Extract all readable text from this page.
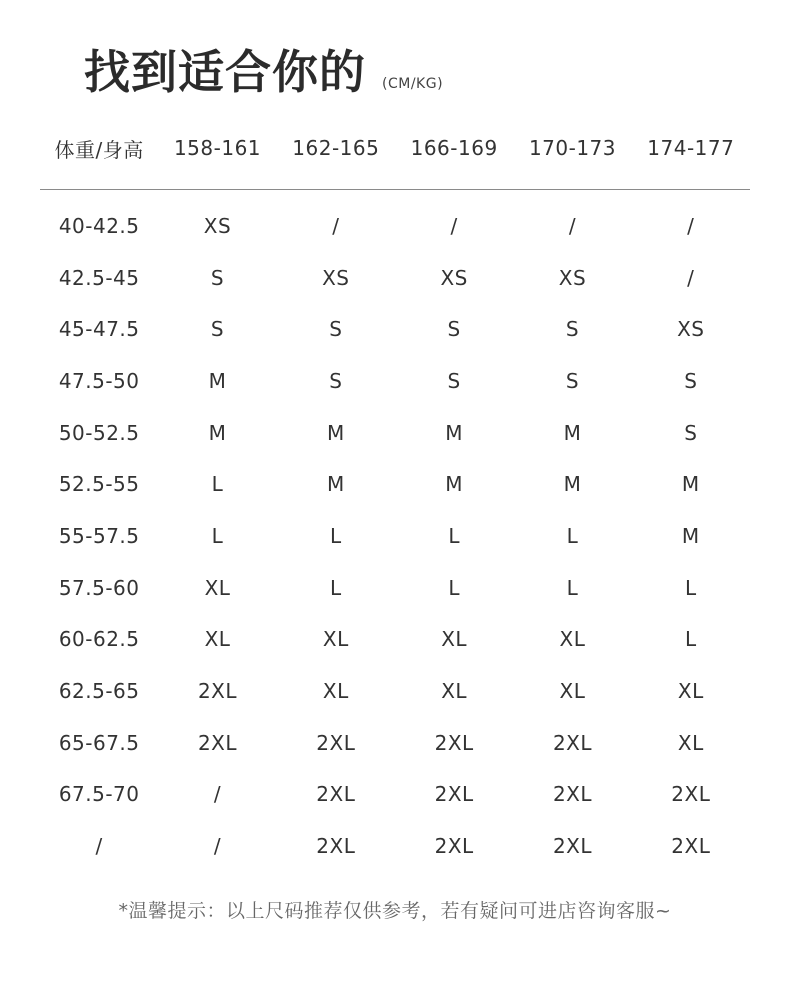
找到适合你的 (CM/KG)
体重/身高	158-161	162-165	166-169	170-173	174-177
40-42.5	XS	/	/	/	/
42.5-45	S	XS	XS	XS	/
45-47.5	S	S	S	S	XS
47.5-50	M	S	S	S	S
50-52.5	M	M	M	M	S
52.5-55	L	M	M	M	M
55-57.5	L	L	L	L	M
57.5-60	XL	L	L	L	L
60-62.5	XL	XL	XL	XL	L
62.5-65	2XL	XL	XL	XL	XL
65-67.5	2XL	2XL	2XL	2XL	XL
67.5-70	/	2XL	2XL	2XL	2XL
/	/	2XL	2XL	2XL	2XL
*温馨提示：以上尺码推荐仅供参考，若有疑问可进店咨询客服~
